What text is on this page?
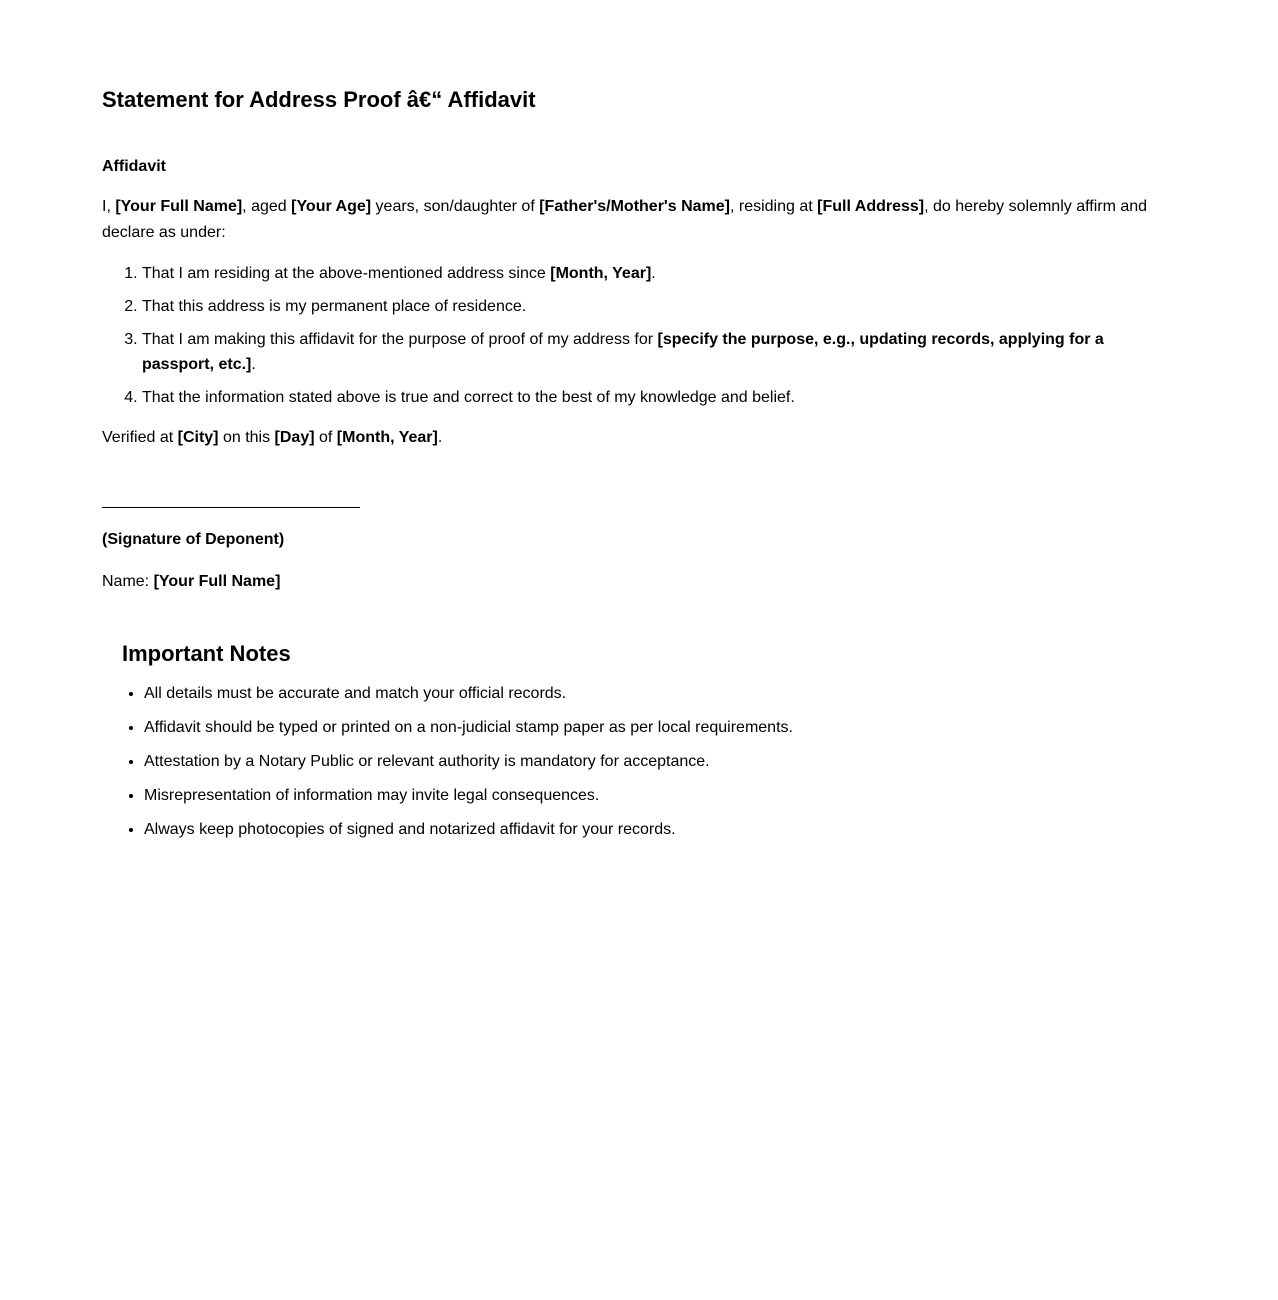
Statement for Address Proof â€“ Affidavit
Affidavit

I, [Your Full Name], aged [Your Age] years, son/daughter of [Father's/Mother's Name], residing at [Full Address], do hereby solemnly affirm and declare as under:

1. That I am residing at the above-mentioned address since [Month, Year].
2. That this address is my permanent place of residence.
3. That I am making this affidavit for the purpose of proof of my address for [specify the purpose, e.g., updating records, applying for a passport, etc.].
4. That the information stated above is true and correct to the best of my knowledge and belief.

Verified at [City] on this [Day] of [Month, Year].

(Signature of Deponent)
Name: [Your Full Name]
Important Notes
• All details must be accurate and match your official records.
• Affidavit should be typed or printed on a non-judicial stamp paper as per local requirements.
• Attestation by a Notary Public or relevant authority is mandatory for acceptance.
• Misrepresentation of information may invite legal consequences.
• Always keep photocopies of signed and notarized affidavit for your records.
